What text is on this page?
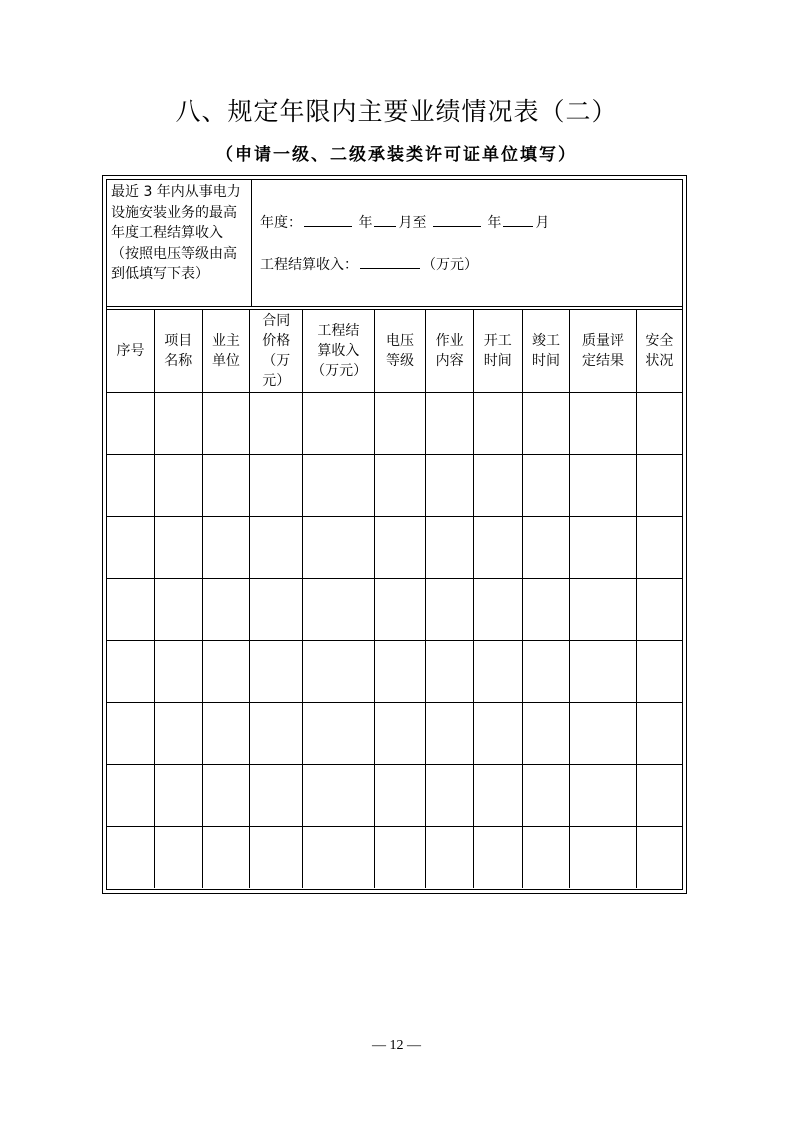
八、规定年限内主要业绩情况表（二）
（申请一级、二级承装类许可证单位填写）
最近 3 年内从事电力设施安装业务的最高年度工程结算收入（按照电压等级由高到低填写下表）
年度：	年 月至	年 月
工程结算收入：	（万元）
序号	项目名称	业主单位	合同价格（万元）	工程结算收入（万元）	电压等级	作业内容	开工时间	竣工时间	质量评定结果	安全状况

— 12 —
